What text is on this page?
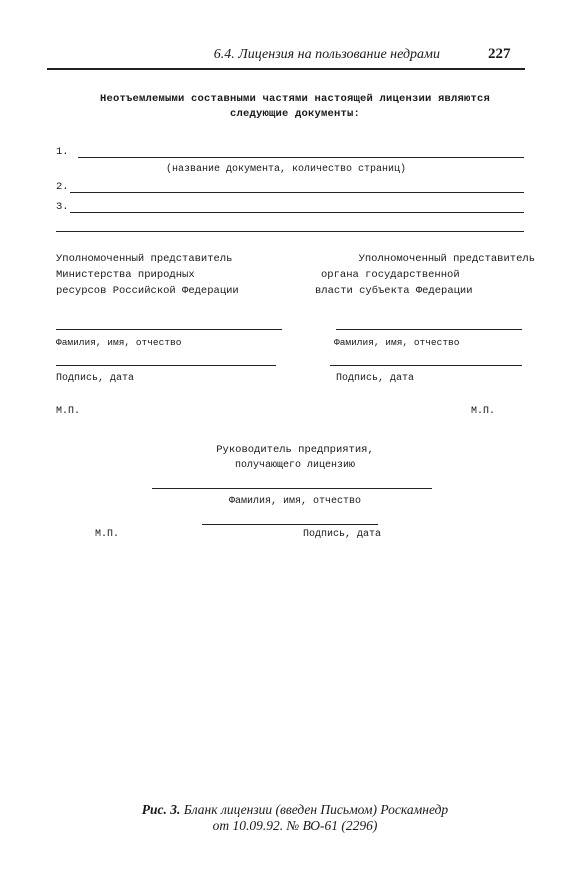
6.4. Лицензия на пользование недрами	227
Неотъемлемыми составными частями настоящей лицензии являются
следующие документы:
1.
(название документа, количество страниц)
2.
3.
Уполномоченный представитель
Министерства природных
ресурсов Российской Федерации
Уполномоченный представитель
органа государственной
власти субъекта Федерации
Фамилия, имя, отчество	Фамилия, имя, отчество
Подпись, дата	Подпись, дата
М.П.	М.П.
Руководитель предприятия,
получающего лицензию
Фамилия, имя, отчество
М.П.	Подпись, дата
Рис. 3. Бланк лицензии (введен Письмом) Роскамнедр
от 10.09.92. № ВО-61 (2296)
